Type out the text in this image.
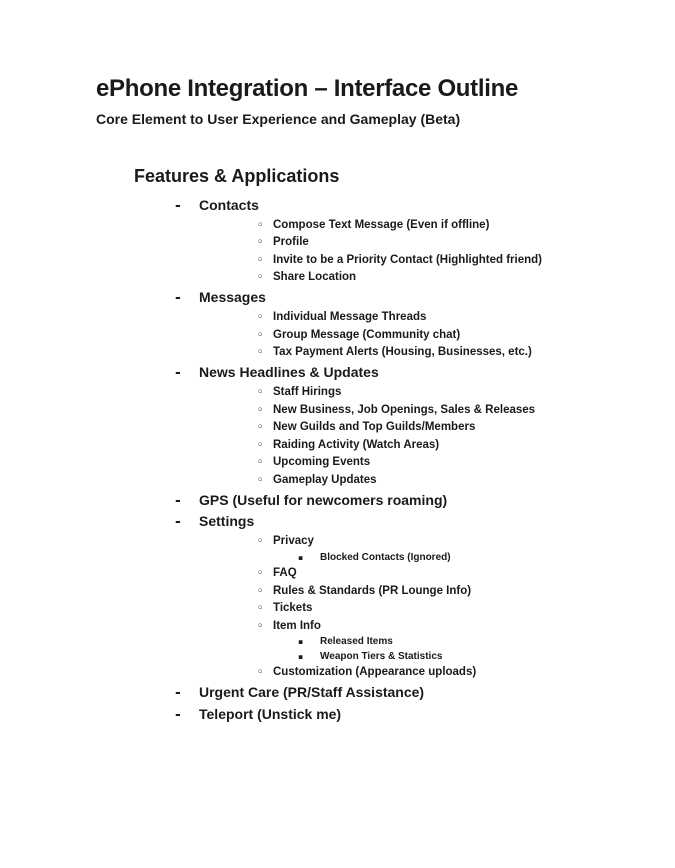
ePhone Integration – Interface Outline
Core Element to User Experience and Gameplay (Beta)
Features & Applications
-	Contacts
◦ Compose Text Message (Even if offline)
◦ Profile
◦ Invite to be a Priority Contact (Highlighted friend)
◦ Share Location
-	Messages
◦ Individual Message Threads
◦ Group Message (Community chat)
◦ Tax Payment Alerts (Housing, Businesses, etc.)
-	News Headlines & Updates
◦ Staff Hirings
◦ New Business, Job Openings, Sales & Releases
◦ New Guilds and Top Guilds/Members
◦ Raiding Activity (Watch Areas)
◦ Upcoming Events
◦ Gameplay Updates
-	GPS (Useful for newcomers roaming)
-	Settings
◦ Privacy
▪	Blocked Contacts (Ignored)
◦ FAQ
◦ Rules & Standards (PR Lounge Info)
◦ Tickets
◦ Item Info
▪	Released Items
▪	Weapon Tiers & Statistics
◦ Customization (Appearance uploads)
-	Urgent Care (PR/Staff Assistance)
-	Teleport (Unstick me)
